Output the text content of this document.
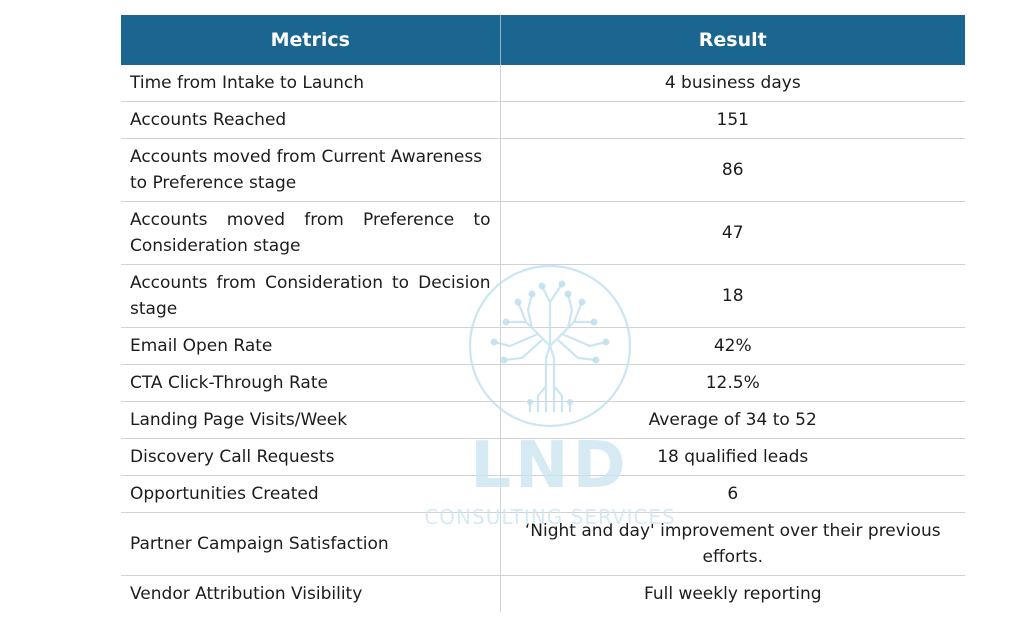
Metrics	Result
Time from Intake to Launch	4 business days
Accounts Reached	151
Accounts moved from Current Awareness to Preference stage	86
Accounts moved from Preference to Consideration stage	47
Accounts from Consideration to Decision stage	18
Email Open Rate	42%
CTA Click-Through Rate	12.5%
Landing Page Visits/Week	Average of 34 to 52
Discovery Call Requests	18 qualified leads
Opportunities Created	6
Partner Campaign Satisfaction	‘Night and day' improvement over their previous efforts.
Vendor Attribution Visibility	Full weekly reporting
LND
CONSULTING SERVICES
